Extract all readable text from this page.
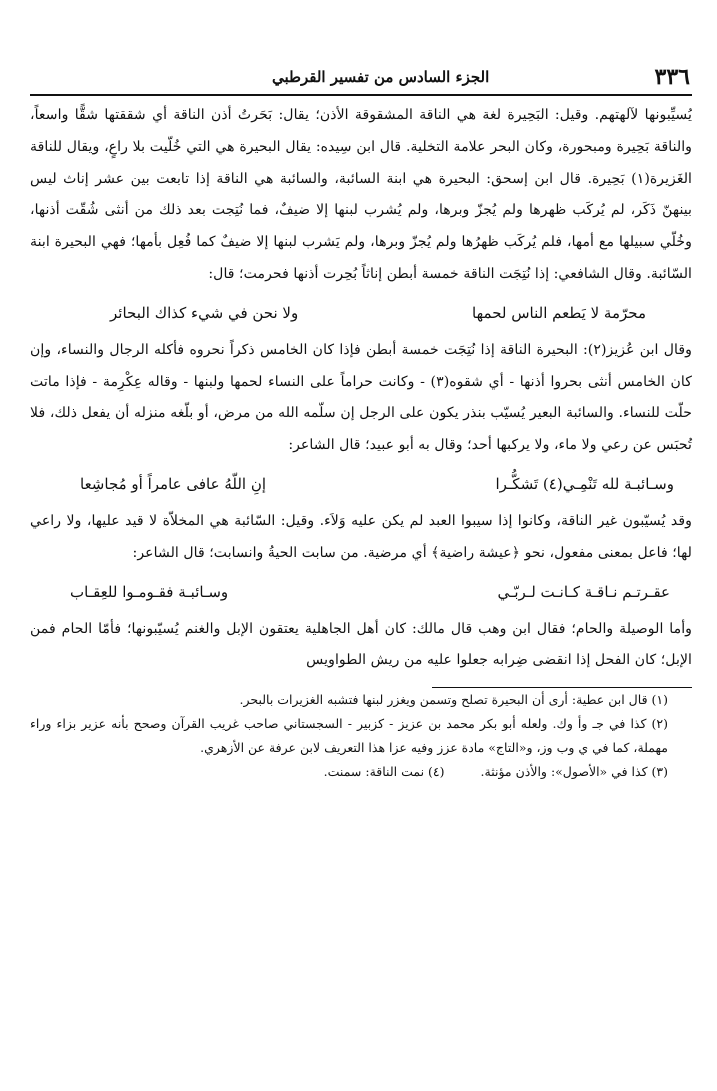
٣٣٦
الجزء السادس من تفسير القرطبي

يُسيِّبونها لآلهتهم. وقيل: البَحِيرة لغة هي الناقة المشقوقة الأذن؛ يقال: بَحَرتُ أذن الناقة أي شققتها شقًّا واسعاً، والناقة بَحِيرة ومبحورة، وكان البحر علامة التخلية. قال ابن سِيده: يقال البحيرة هي التي خُلّيت بلا راعٍ، ويقال للناقة الغَزيرة(١) بَحِيرة. قال ابن إسحق: البحيرة هي ابنة السائبة، والسائبة هي الناقة إذا تابعت بين عشر إناث ليس بينهنّ ذَكَر، لم يُركَب ظهرها ولم يُجزّ وبرها، ولم يُشرب لبنها إلا ضيفٌ، فما نُتِجت بعد ذلك من أنثى شُقّت أذنها، وخُلّي سبيلها مع أمها، فلم يُركَب ظهرُها ولم يُجزّ وبرها، ولم يَشرب لبنها إلا ضيفٌ كما فُعِل بأمها؛ فهي البحيرة ابنة السّائبة. وقال الشافعي: إذا نُتِجَت الناقة خمسة أبطن إناثاً بُحِرت أذنها فحرمت؛ قال:

محرّمة لا يَطعم الناس لحمها
ولا نحن في شيء كذاك البحائر

وقال ابن عُزيز(٢): البحيرة الناقة إذا نُتِجَت خمسة أبطن فإذا كان الخامس ذكراً نحروه فأكله الرجال والنساء، وإن كان الخامس أنثى بحروا أذنها - أي شقوه(٣) - وكانت حراماً على النساء لحمها ولبنها - وقاله عِكْرِمة - فإذا ماتت حلّت للنساء. والسائبة البعير يُسيّب بنذر يكون على الرجل إن سلّمه الله من مرض، أو بلّغه منزله أن يفعل ذلك، فلا تُحبَس عن رعي ولا ماء، ولا يركبها أحد؛ وقال به أبو عبيد؛ قال الشاعر:

وسـائبـة لله تَنْمِـي(٤) تَشكُّـرا
إنِ اللّهُ عافى عامراً أو مُجاشِعا

وقد يُسيّبون غير الناقة، وكانوا إذا سيبوا العبد لم يكن عليه وَلاَء. وقيل: السّائبة هي المخلاّة لا قيد عليها، ولا راعي لها؛ فاعل بمعنى مفعول، نحو ﴿عيشة راضية﴾ أي مرضية. من سابت الحيةُ وانسابت؛ قال الشاعر:

عقـرتـم نـاقـة كـانـت لـربّـي
وسـائبـة فقـومـوا للعِقـاب

وأما الوصيلة والحام؛ فقال ابن وهب قال مالك: كان أهل الجاهلية يعتقون الإبل والغنم يُسيّبونها؛ فأمّا الحام فمن الإبل؛ كان الفحل إذا انقضى ضِرابه جعلوا عليه من ريش الطواويس

(١) قال ابن عطية: أرى أن البحيرة تصلح وتسمن ويغزر لبنها فتشبه الغزيرات بالبحر.
(٢) كذا في جـ وأ وك. ولعله أبو بكر محمد بن عزيز - كزبير - السجستاني صاحب غريب القرآن وصحح بأنه عزير بزاء وراء مهملة، كما في ي وب وز، و«التاج» مادة عزز وفيه عزا هذا التعريف لابن عرفة عن الأزهري.
(٣) كذا في «الأصول»: والأذن مؤنثة.(٤) نمت الناقة: سمنت.
